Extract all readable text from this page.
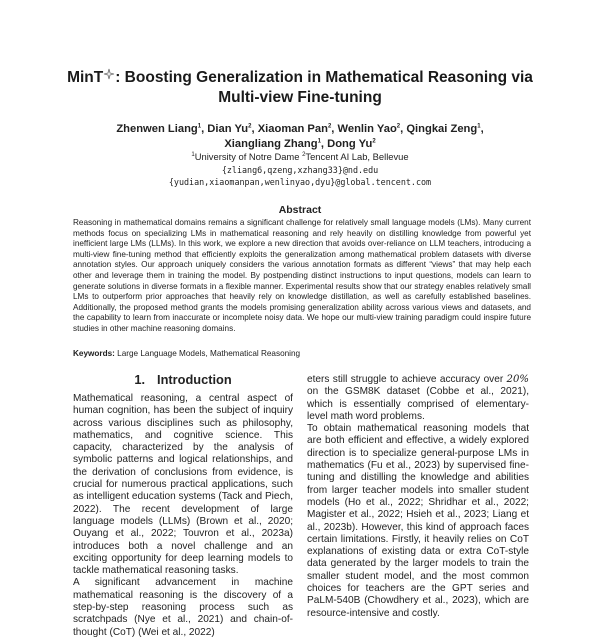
MinT : Boosting Generalization in Mathematical Reasoning via
Multi-view Fine-tuning
Zhenwen Liang$^1$, Dian Yu$^2$, Xiaoman Pan$^2$, Wenlin Yao$^2$, Qingkai Zeng$^1$,
Xiangliang Zhang$^1$, Dong Yu$^2$
$^1$University of Notre Dame $^2$Tencent AI Lab, Bellevue
{zliang6,qzeng,xzhang33}@nd.edu
{yudian,xiaomanpan,wenlinyao,dyu}@global.tencent.com
Abstract
Reasoning in mathematical domains remains a significant challenge for relatively small language models (LMs). Many current methods focus on specializing LMs in mathematical reasoning and rely heavily on distilling knowledge from powerful yet inefficient large LMs (LLMs). In this work, we explore a new direction that avoids over-reliance on LLM teachers, introducing a multi-view fine-tuning method that efficiently exploits the generalization among mathematical problem datasets with diverse annotation styles. Our approach uniquely considers the various annotation formats as different “views” that may help each other and leverage them in training the model. By postpending distinct instructions to input questions, models can learn to generate solutions in diverse formats in a flexible manner. Experimental results show that our strategy enables relatively small LMs to outperform prior approaches that heavily rely on knowledge distillation, as well as carefully established baselines. Additionally, the proposed method grants the models promising generalization ability across various views and datasets, and the capability to learn from inaccurate or incomplete noisy data. We hope our multi-view training paradigm could inspire future studies in other machine reasoning domains.
Keywords: Large Language Models, Mathematical Reasoning
1. Introduction

Mathematical reasoning, a central aspect of human cognition, has been the subject of inquiry across various disciplines such as philosophy, mathematics, and cognitive science. This capacity, characterized by the analysis of symbolic patterns and logical relationships, and the derivation of conclusions from evidence, is crucial for numerous practical applications, such as intelligent education systems (Tack and Piech, 2022). The recent development of large language models (LLMs) (Brown et al., 2020; Ouyang et al., 2022; Touvron et al., 2023a) introduces both a novel challenge and an exciting opportunity for deep learning models to tackle mathematical reasoning tasks.

A significant advancement in machine mathematical reasoning is the discovery of a step-by-step reasoning process such as scratchpads (Nye et al., 2021) and chain-of-thought (CoT) (Wei et al., 2022)

eters still struggle to achieve accuracy over 20% on the GSM8K dataset (Cobbe et al., 2021), which is essentially comprised of elementary-level math word problems.

To obtain mathematical reasoning models that are both efficient and effective, a widely explored direction is to specialize general-purpose LMs in mathematics (Fu et al., 2023) by supervised fine-tuning and distilling the knowledge and abilities from larger teacher models into smaller student models (Ho et al., 2022; Shridhar et al., 2022; Magister et al., 2022; Hsieh et al., 2023; Liang et al., 2023b). However, this kind of approach faces certain limitations. Firstly, it heavily relies on CoT explanations of existing data or extra CoT-style data generated by the larger models to train the smaller student model, and the most common choices for teachers are the GPT series and PaLM-540B (Chowdhery et al., 2023), which are resource-intensive and costly.
